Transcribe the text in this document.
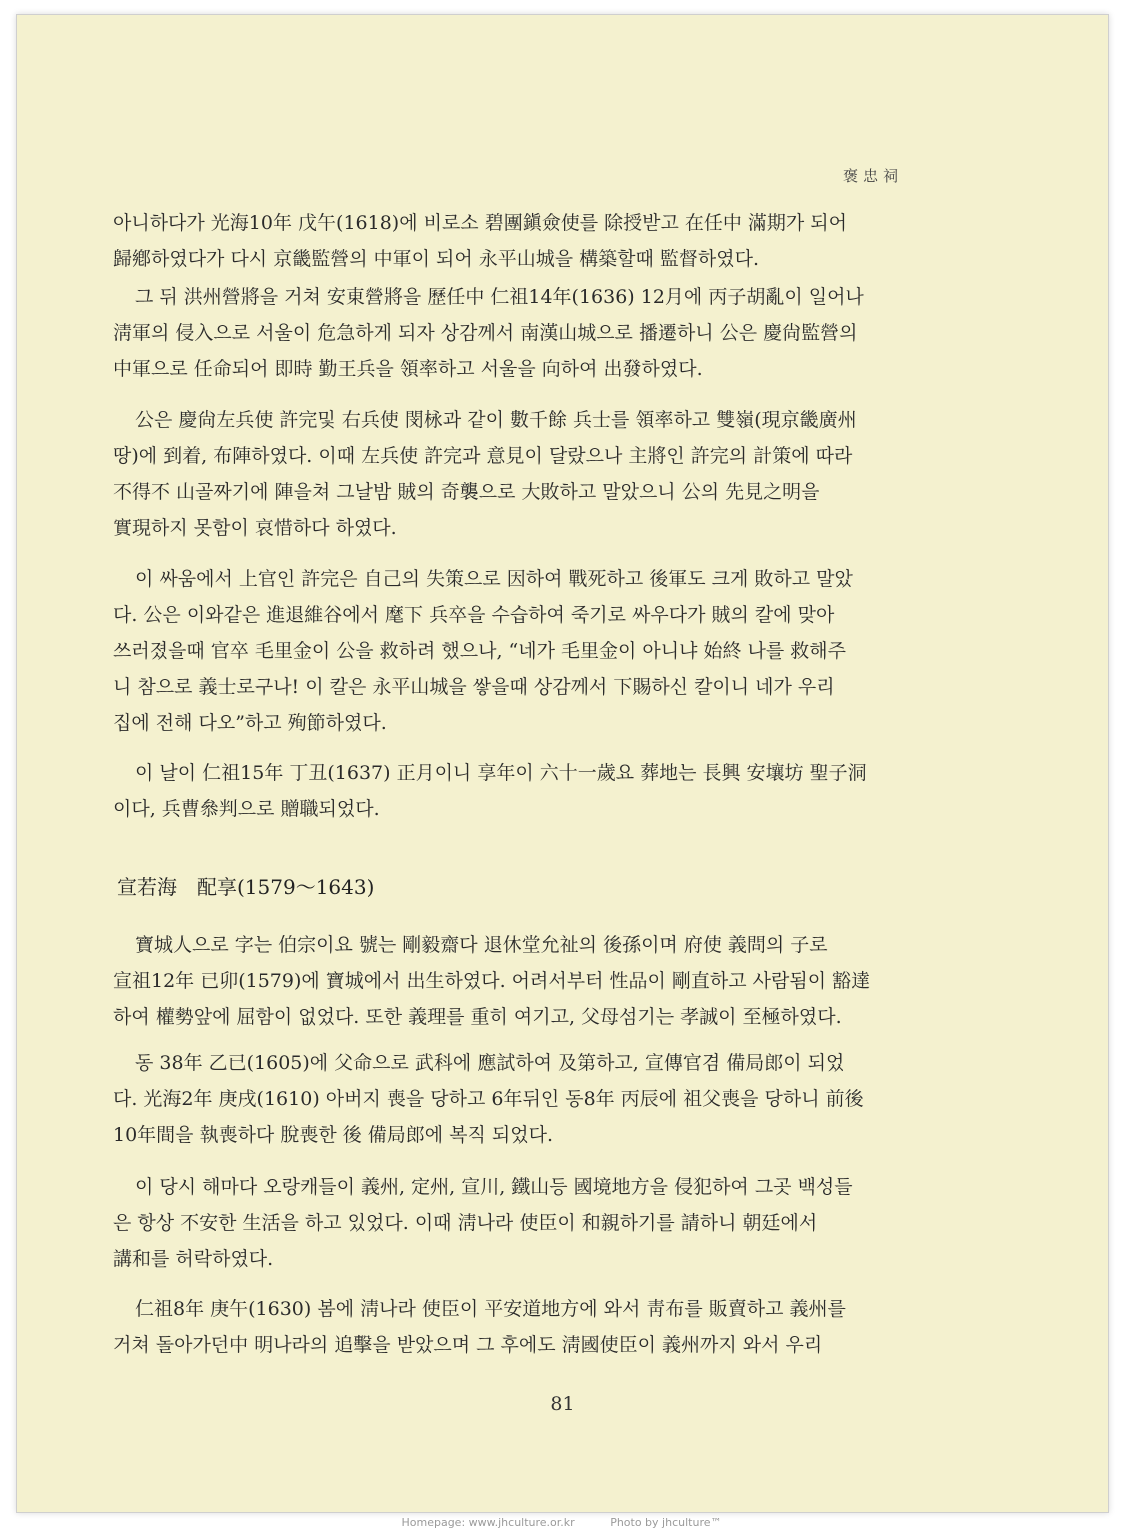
褒忠祠
아니하다가 光海10年 戊午(1618)에 비로소 碧團鎭僉使를 除授받고 在任中 滿期가 되어
歸鄕하였다가 다시 京畿監營의 中軍이 되어 永平山城을 構築할때 監督하였다.
그 뒤 洪州營將을 거쳐 安東營將을 歷任中 仁祖14年(1636) 12月에 丙子胡亂이 일어나
淸軍의 侵入으로 서울이 危急하게 되자 상감께서 南漢山城으로 播遷하니 公은 慶尙監營의
中軍으로 任命되어 即時 勤王兵을 領率하고 서울을 向하여 出發하였다.
公은 慶尙左兵使 許完및 右兵使 閔栐과 같이 數千餘 兵士를 領率하고 雙嶺(現京畿廣州
땅)에 到着, 布陣하였다. 이때 左兵使 許完과 意見이 달랐으나 主將인 許完의 計策에 따라
不得不 山골짜기에 陣을쳐 그날밤 賊의 奇襲으로 大敗하고 말았으니 公의 先見之明을
實現하지 못함이 哀惜하다 하였다.
이 싸움에서 上官인 許完은 自己의 失策으로 因하여 戰死하고 後軍도 크게 敗하고 말았
다. 公은 이와같은 進退維谷에서 麾下 兵卒을 수습하여 죽기로 싸우다가 賊의 칼에 맞아
쓰러졌을때 官卒 毛里金이 公을 救하려 했으나, “네가 毛里金이 아니냐 始終 나를 救해주
니 참으로 義士로구나! 이 칼은 永平山城을 쌓을때 상감께서 下賜하신 칼이니 네가 우리
집에 전해 다오”하고 殉節하였다.
이 날이 仁祖15年 丁丑(1637) 正月이니 享年이 六十一歲요 葬地는 長興 安壤坊 聖子洞
이다, 兵曹叅判으로 贈職되었다.
宣若海　配享(1579～1643)
寶城人으로 字는 伯宗이요 號는 剛毅齋다 退休堂允祉의 後孫이며 府使 義問의 子로
宣祖12年 已卯(1579)에 寶城에서 出生하였다. 어려서부터 性品이 剛直하고 사람됨이 豁達
하여 權勢앞에 屈함이 없었다. 또한 義理를 重히 여기고, 父母섬기는 孝誠이 至極하였다.
동 38年 乙已(1605)에 父命으로 武科에 應試하여 及第하고, 宣傳官겸 備局郎이 되었
다. 光海2年 庚戌(1610) 아버지 喪을 당하고 6年뒤인 동8年 丙辰에 祖父喪을 당하니 前後
10年間을 執喪하다 脫喪한 後 備局郎에 복직 되었다.
이 당시 해마다 오랑캐들이 義州, 定州, 宣川, 鐵山등 國境地方을 侵犯하여 그곳 백성들
은 항상 不安한 生活을 하고 있었다. 이때 淸나라 使臣이 和親하기를 請하니 朝廷에서
講和를 허락하였다.
仁祖8年 庚午(1630) 봄에 淸나라 使臣이 平安道地方에 와서 靑布를 販賣하고 義州를
거쳐 돌아가던中 明나라의 追擊을 받았으며 그 후에도 淸國使臣이 義州까지 와서 우리
81
Homepage: www.jhculture.or.kr	Photo by jhculture™
